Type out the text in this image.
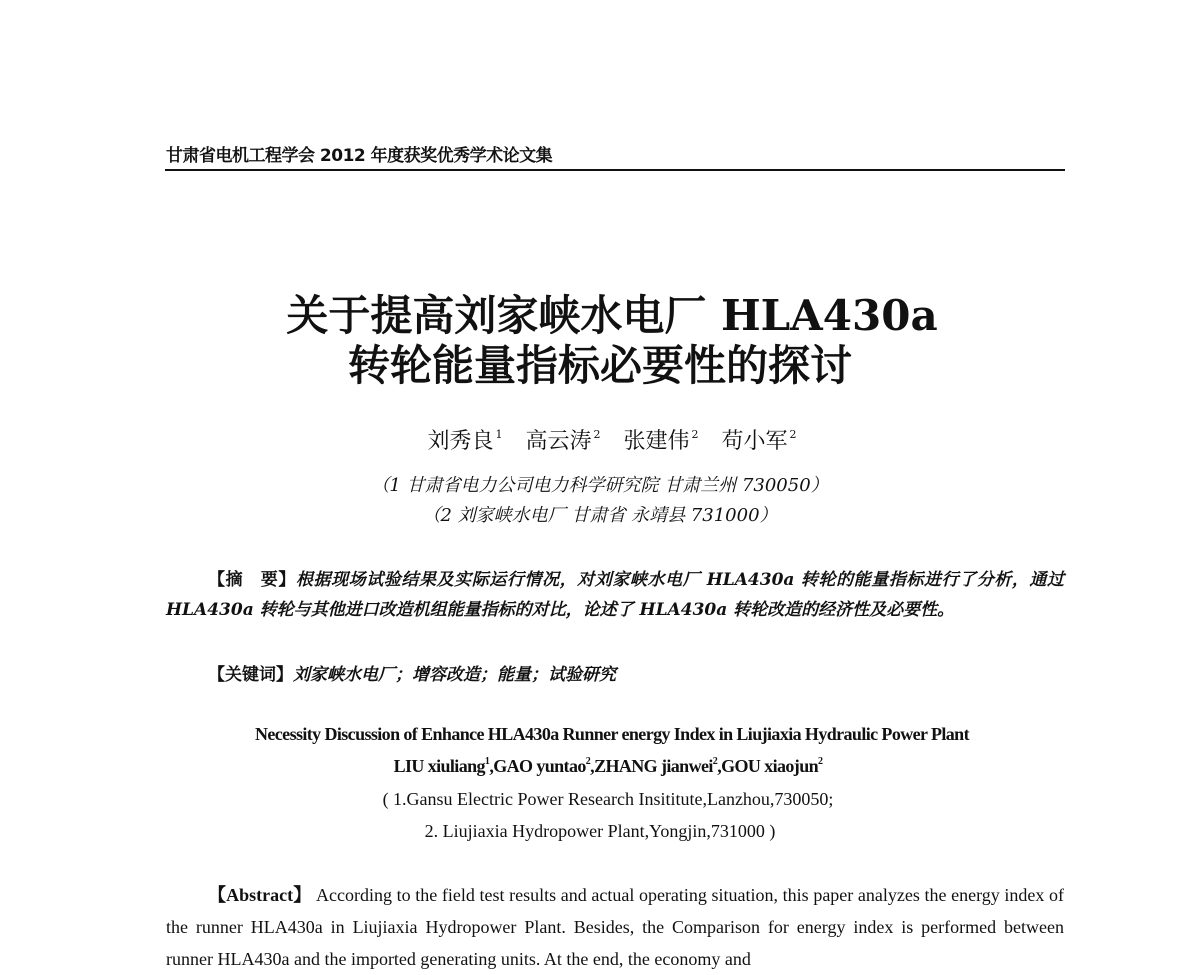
甘肃省电机工程学会 2012 年度获奖优秀学术论文集
关于提高刘家峡水电厂 HLA430a
转轮能量指标必要性的探讨
刘秀良 $^1$ 高云涛 $^2$ 张建伟 $^2$ 苟小军 $^2$
（1 甘肃省电力公司电力科学研究院 甘肃兰州 730050）
（2 刘家峡水电厂 甘肃省 永靖县 731000）
【摘　要】根据现场试验结果及实际运行情况，对刘家峡水电厂 HLA430a 转轮的能量指标进行了分析，通过 HLA430a 转轮与其他进口改造机组能量指标的对比，论述了 HLA430a 转轮改造的经济性及必要性。
【关键词】刘家峡水电厂；增容改造；能量；试验研究
Necessity Discussion of Enhance HLA430a Runner energy Index in Liujiaxia Hydraulic Power Plant
LIU xiuliang$^1$,GAO yuntao$^2$,ZHANG jianwei$^2$,GOU xiaojun$^2$
( 1.Gansu Electric Power Research Insititute,Lanzhou,730050;
2. Liujiaxia Hydropower Plant,Yongjin,731000 )
【Abstract】 According to the field test results and actual operating situation, this paper analyzes the energy index of the runner HLA430a in Liujiaxia Hydropower Plant. Besides, the Comparison for energy index is performed between runner HLA430a and the imported generating units. At the end, the economy and
